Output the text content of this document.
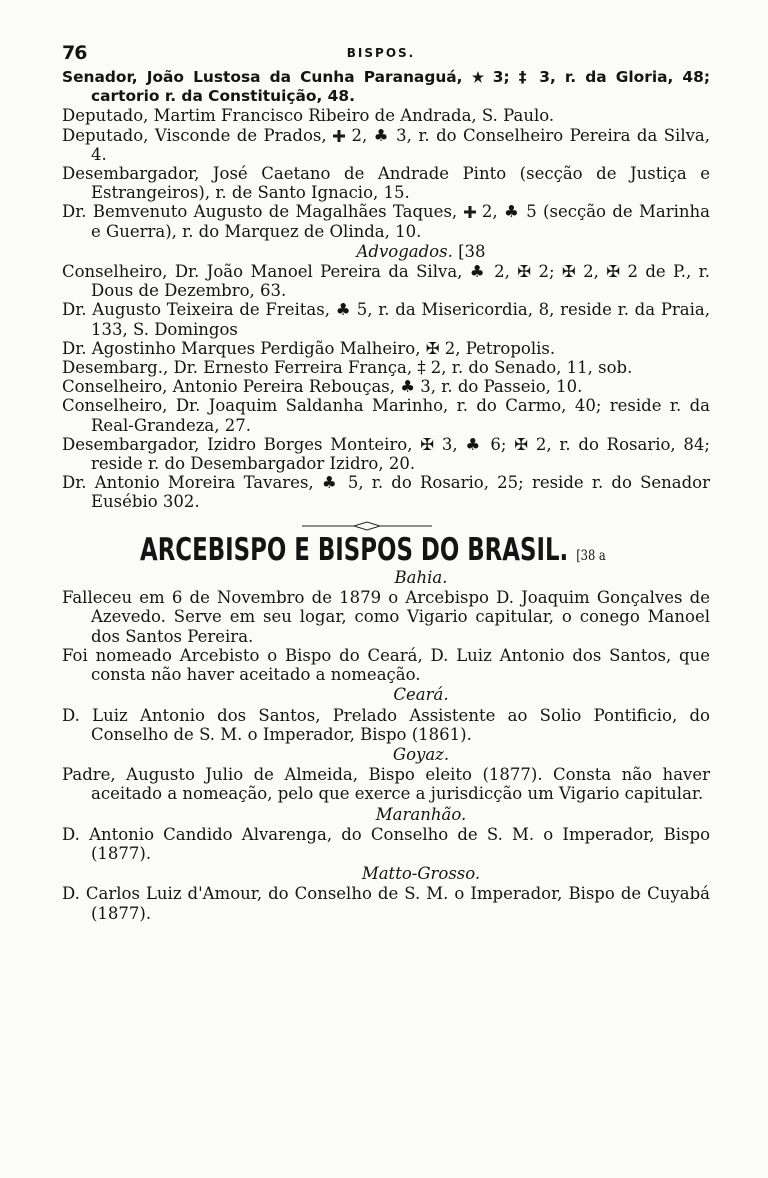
76	BISPOS.

Senador, João Lustosa da Cunha Paranaguá,  3; ‡ 3, r. da Gloria, 48; cartorio r. da Constituição, 48.

Deputado, Martim Francisco Ribeiro de Andrada, S. Paulo.

Deputado, Visconde de Prados,  2, ♣ 3, r. do Conselheiro Pereira da Silva, 4.

Desembargador, José Caetano de Andrade Pinto (secção de Justiça e Estrangeiros), r. de Santo Ignacio, 15.

Dr. Bemvenuto Augusto de Magalhães Taques,  2, ♣ 5 (secção de Marinha e Guerra), r. do Marquez de Olinda, 10.

Advogados. [38

Conselheiro, Dr. João Manoel Pereira da Silva, ♣ 2, ✠ 2; ✠ 2, ✠ 2 de P., r. Dous de Dezembro, 63.

Dr. Augusto Teixeira de Freitas, ♣ 5, r. da Misericordia, 8, reside r. da Praia, 133, S. Domingos

Dr. Agostinho Marques Perdigão Malheiro, ✠ 2, Petropolis.

Desembarg., Dr. Ernesto Ferreira França, ‡ 2, r. do Senado, 11, sob.

Conselheiro, Antonio Pereira Rebouças, ♣ 3, r. do Passeio, 10.

Conselheiro, Dr. Joaquim Saldanha Marinho, r. do Carmo, 40; reside r. da Real-Grandeza, 27.

Desembargador, Izidro Borges Monteiro, ✠ 3, ♣ 6; ✠ 2, r. do Rosario, 84; reside r. do Desembargador Izidro, 20.

Dr. Antonio Moreira Tavares, ♣ 5, r. do Rosario, 25; reside r. do Senador Eusébio 302.

ARCEBISPO E BISPOS DO BRASIL. [38 a
Bahia.

Falleceu em 6 de Novembro de 1879 o Arcebispo D. Joaquim Gonçalves de Azevedo. Serve em seu logar, como Vigario capitular, o conego Manoel dos Santos Pereira.

Foi nomeado Arcebisto o Bispo do Ceará, D. Luiz Antonio dos Santos, que consta não haver aceitado a nomeação.

Ceará.

D. Luiz Antonio dos Santos, Prelado Assistente ao Solio Pontificio, do Conselho de S. M. o Imperador, Bispo (1861).

Goyaz.

Padre, Augusto Julio de Almeida, Bispo eleito (1877). Consta não haver aceitado a nomeação, pelo que exerce a jurisdicção um Vigario capitular.

Maranhão.

D. Antonio Candido Alvarenga, do Conselho de S. M. o Imperador, Bispo (1877).

Matto-Grosso.

D. Carlos Luiz d'Amour, do Conselho de S. M. o Imperador, Bispo de Cuyabá (1877).
